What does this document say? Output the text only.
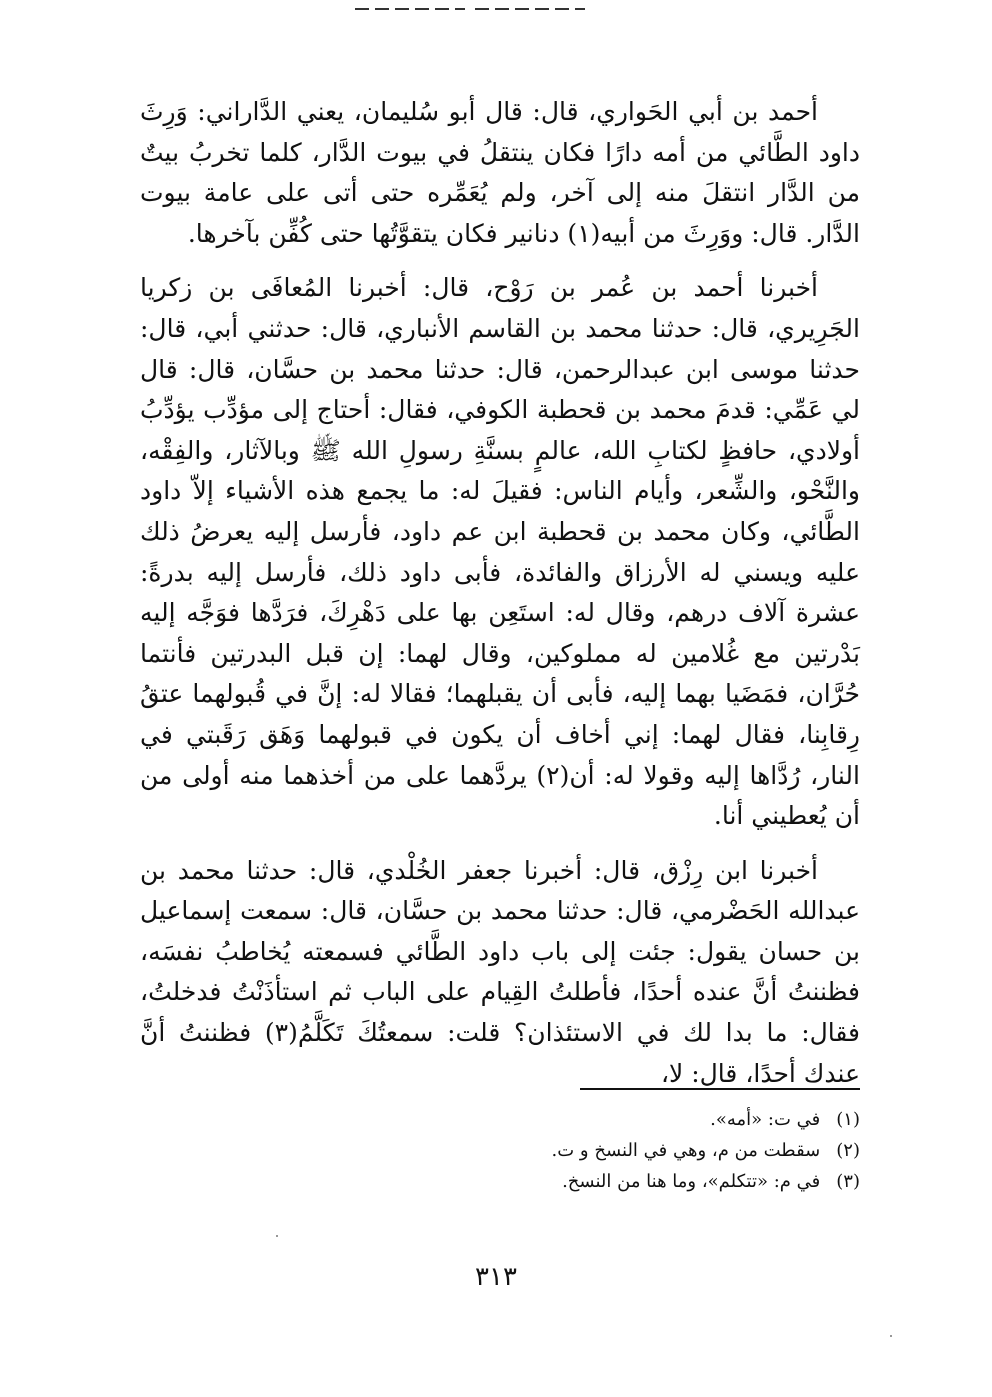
أحمد بن أبي الحَواري، قال: قال أبو سُليمان، يعني الدَّاراني: وَرِثَ داود الطَّائي من أمه دارًا فكان ينتقلُ في بيوت الدَّار، كلما تخربُ بيتٌ من الدَّار انتقلَ منه إلى آخر، ولم يُعَمِّره حتى أتى على عامة بيوت الدَّار. قال: ووَرِثَ من أبيه(١) دنانير فكان يتقوَّتُها حتى كُفِّن بآخرها.

أخبرنا أحمد بن عُمر بن رَوْح، قال: أخبرنا المُعافَى بن زكريا الجَرِيري، قال: حدثنا محمد بن القاسم الأنباري، قال: حدثني أبي، قال: حدثنا موسى ابن عبدالرحمن، قال: حدثنا محمد بن حسَّان، قال: قال لي عَمِّي: قدمَ محمد بن قحطبة الكوفي، فقال: أحتاج إلى مؤدِّب يؤدِّبُ أولادي، حافظٍ لكتابِ الله، عالمٍ بسنَّةِ رسولِ الله ﷺ وبالآثار، والفِقْه، والنَّحْو، والشِّعر، وأيام الناس: فقيلَ له: ما يجمع هذه الأشياء إلاّ داود الطَّائي، وكان محمد بن قحطبة ابن عم داود، فأرسل إليه يعرضُ ذلك عليه ويسني له الأرزاق والفائدة، فأبى داود ذلك، فأرسل إليه بدرةً: عشرة آلاف درهم، وقال له: استَعِن بها على دَهْرِكَ، فرَدَّها فوَجَّه إليه بَدْرتين مع غُلامين له مملوكين، وقال لهما: إن قبل البدرتين فأنتما حُرَّان، فمَضَيا بهما إليه، فأبى أن يقبلهما؛ فقالا له: إنَّ في قُبولهما عتقُ رِقابِنا، فقال لهما: إني أخاف أن يكون في قبولهما وَهَق رَقَبتي في النار، رُدَّاها إليه وقولا له: أن(٢) يردَّهما على من أخذهما منه أولى من أن يُعطيني أنا.

أخبرنا ابن رِزْق، قال: أخبرنا جعفر الخُلْدي، قال: حدثنا محمد بن عبدالله الحَضْرمي، قال: حدثنا محمد بن حسَّان، قال: سمعت إسماعيل بن حسان يقول: جئت إلى باب داود الطَّائي فسمعته يُخاطبُ نفسَه، فظننتُ أنَّ عنده أحدًا، فأطلتُ القِيام على الباب ثم استأذَنْتُ فدخلتُ، فقال: ما بدا لك في الاستئذان؟ قلت: سمعتُكَ تَكَلَّمُ(٣) فظننتُ أنَّ عندك أحدًا، قال: لا،

(١)
في ت: «أمه».
(٢)
سقطت من م، وهي في النسخ و ت.
(٣)
في م: «تتكلم»، وما هنا من النسخ.
٣١٣
